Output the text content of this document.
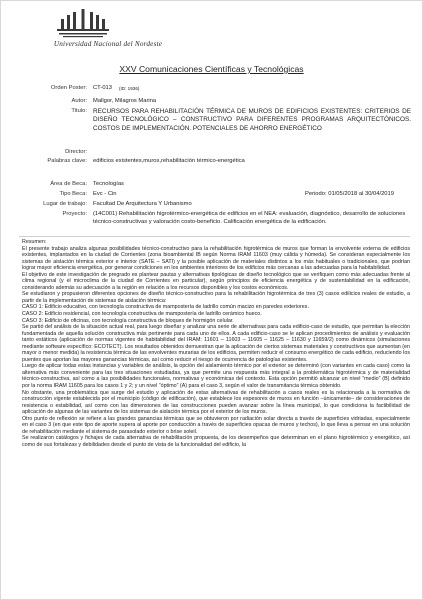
Universidad Nacional del Nordeste
XXV Comunicaciones Científicas y Tecnológicas
Orden Poster: CT-013 (ID: 1936)
Autor: Mallgor, Milagros Marina
Titulo: RECURSOS PARA REHABILITACIÓN TÉRMICA DE MUROS DE EDIFICIOS EXISTENTES: CRITERIOS DE DISEÑO TECNOLÓGICO – CONSTRUCTIVO PARA DIFERENTES PROGRAMAS ARQUITECTÓNICOS. COSTOS DE IMPLEMENTACIÓN. POTENCIALES DE AHORRO ENERGÉTICO
Director:
Palabras clave: edificios existentes,muros,rehabilitación térmico-energética
Área de Beca: Tecnologías
Tipo Beca: Evc - Cin	Periodo: 01/05/2018 al 30/04/2019
Lugar de trabajo: Facultad De Arquitectura Y Urbanismo
Proyecto: (14C001) Rehabilitación higrotérmico-energética de edificios en el NEA: evaluación, diagnóstico, desarrollo de soluciones técnico-constructivas y valoración costo-beneficio. Calificación energética de la edificación.

Resumen:

El presente trabajo analiza algunas posibilidades técnico-constructivo para la rehabilitación higrotérmica de muros que forman la envolvente externa de edificios existentes, implantados en la ciudad de Corrientes (zona bioambiental IB según Norma IRAM 11603 (muy cálida y húmeda). Se consideran especialmente los sistemas de aislación térmica exterior e interior (SATE – SATI) y la posible aplicación de materiales distintos a los más habituales o tradicionales, que podrían lograr mayor eficiencia energética, por generar condiciones en los ambientes interiores de los edificios más cercanas a las adecuadas para la habitabilidad.

El objetivo de este investigación de pregrado es plantear pautas y alternativas tipológicas de diseño tecnológico que se verifiquen como más adecuadas frente al clima regional (y el microclima de la ciudad de Corrientes en particular), según principios de eficiencia energética y de sustentabilidad en la edificación, considerando además su adecuación a la región en relación a los recursos disponibles y los costos económicos.

Se estudiaron y propusieron diferentes opciones de diseño técnico-constructivo para la rehabilitación higrotérmica de tres (3) casos edilicios reales de estudio, a partir de la implementación de sistemas de aislación térmica:

CASO 1: Edificio educativo, con tecnología constructiva de mampostería de ladrillo común macizo en paredes exteriores.

CASO 2: Edificio residencial, con tecnología constructiva de mampostería de ladrillo cerámico hueco.

CASO 3: Edificio de oficinas, con tecnología constructiva de bloques de hormigón celular.

Se partió del análisis de la situación actual real, para luego diseñar y analizar una serie de alternativas para cada edificio-caso de estudio, que permitan la elección fundamentada de aquella solución constructiva más pertinente para cada uno de ellos. A cada edificio-caso se le aplican procedimientos de análisis y evaluación tanto estáticos (aplicación de normas vigentes de habitabilidad del IRAM: 11601 – 11603 – 11605 – 11625 – 11630 y 11659/2) como dinámicos (simulaciones mediante software específico: ECOTECT). Los resultados obtenidos demuestran que la aplicación de ciertos sistemas materiales y constructivos que aumentan (en mayor o menor medida) la resistencia térmica de las envolventes murarias de los edificios, permiten reducir el consumo energético de cada edificio, reduciendo los puentes que aportan las mayores ganancias térmicas, así como reducir el riesgo de ocurrencia de patologías existentes.

Luego de aplicar todas estas instancias y variables de análisis, la opción del aislamiento térmico por el exterior se determinó (con variantes en cada caso) como la alternativa más conveniente para las tres situaciones estudiadas, ya que permite una respuesta más integral a la problemática higrotérmica y de materialidad técnico-constructiva, así como a las posibilidades funcionales, normativas y económicas del contexto. Esta opción permitió alcanzar un nivel “medio” (B) definido por la norma IRAM 11605 para los casos 1 y 2; y un nivel “óptimo” (A) para el caso 3, según el valor de transmitancia térmica obtenido.

No obstante, una problemática que surge del estudio y aplicación de estas alternativas de rehabilitación a casos reales es la relacionada a la normativa de construcción vigente establecida por el municipio (código de edificación), que establece los espesores de muros en función –únicamente– de consideraciones de resistencia o estabilidad, así como con las dimensiones de las construcciones pueden avanzar sobre la línea municipal, lo que condiciona la factibilidad de aplicación de algunas de las variantes de los sistemas de aislación térmica por el exterior de los muros.

Otro punto de reflexión se refiere a las grandes ganancias térmicas que se obtuvieron por radiación solar directa a través de superficies vidriadas, especialmente en el caso 3 (en que este tipo de aporte supera al aporte por conducción a través de superficies opacas de muros y techos), lo que lleva a pensar en una solución de rehabilitación mediante el sistema de parasolado exterior o brise soleil.

Se realizaron catálogos y fichajes de cada alternativa de rehabilitación propuesta, de los desempeños que determinan en el plano higrotérmico y energético, así como de sus fortalezas y debilidades desde el punto de vista de la funcionalidad del edificio, la
